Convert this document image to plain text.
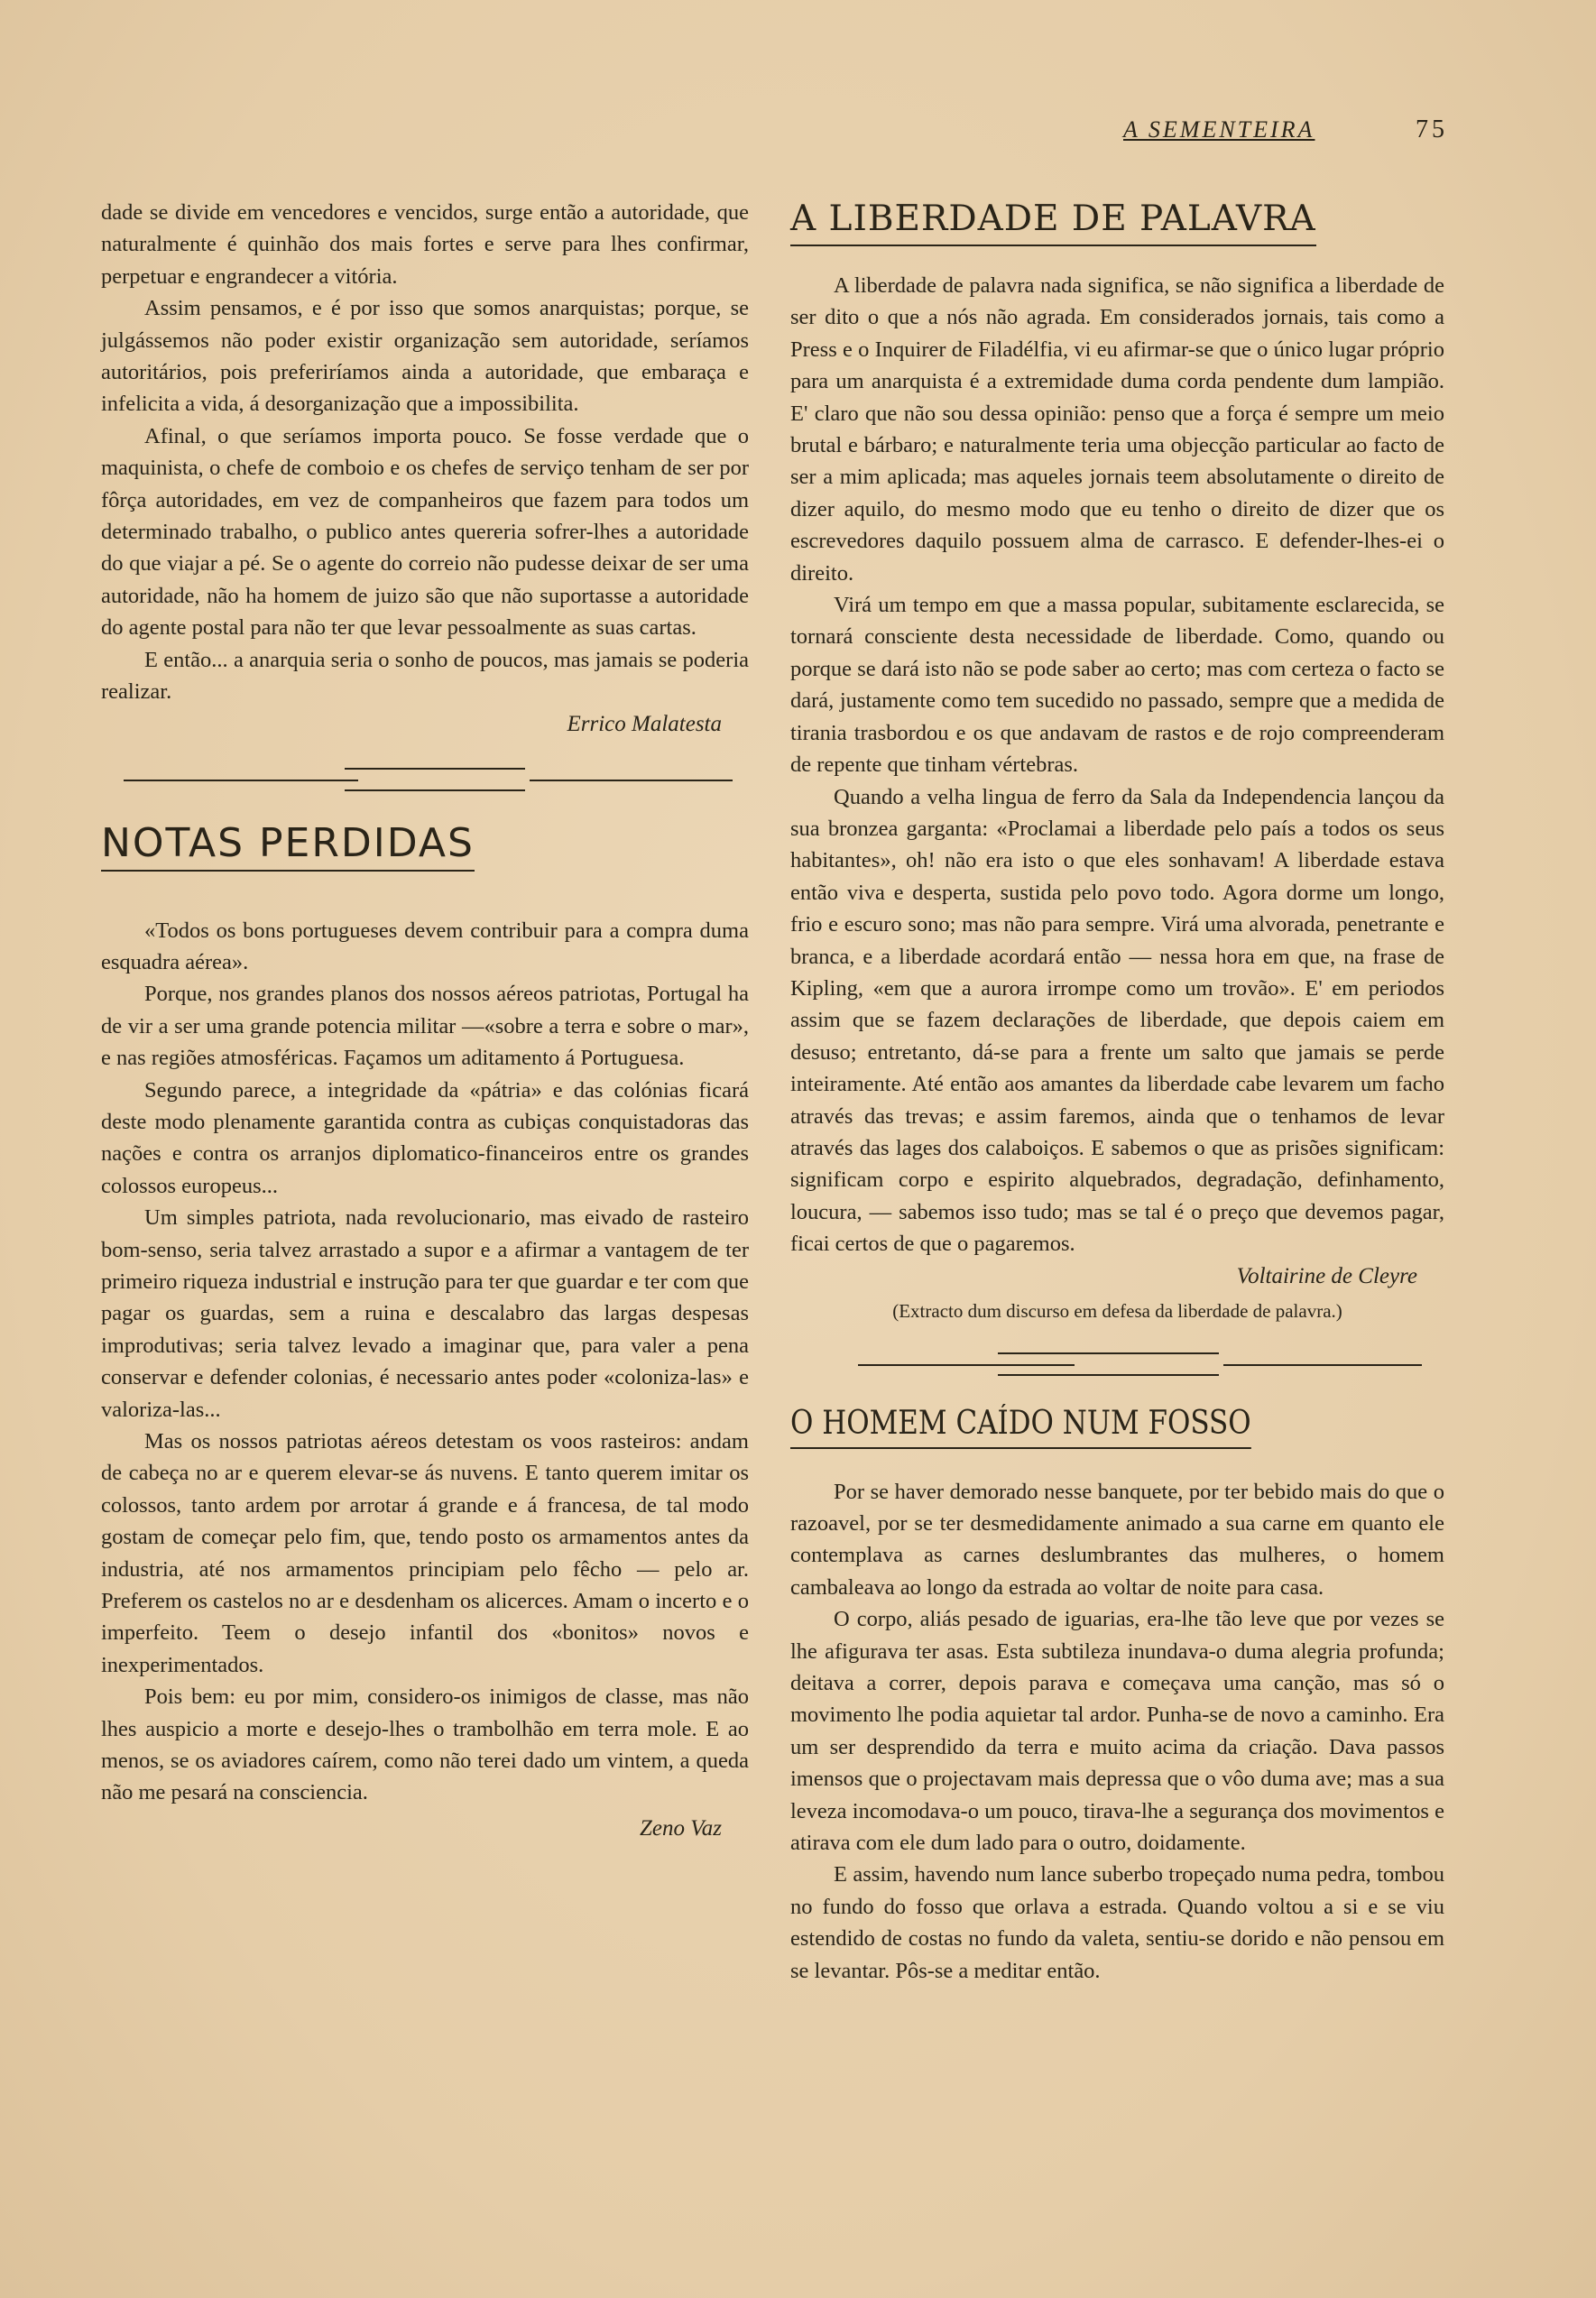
A SEMENTEIRA	75

dade se divide em vencedores e vencidos, surge então a autoridade, que naturalmente é quinhão dos mais fortes e serve para lhes confirmar, perpetuar e engrandecer a vitória.

Assim pensamos, e é por isso que somos anarquistas; porque, se julgássemos não poder existir organização sem autoridade, seríamos autoritários, pois preferiríamos ainda a autoridade, que embaraça e infelicita a vida, á desorganização que a impossibilita.

Afinal, o que seríamos importa pouco. Se fosse verdade que o maquinista, o chefe de comboio e os chefes de serviço tenham de ser por fôrça autoridades, em vez de companheiros que fazem para todos um determinado trabalho, o publico antes quereria sofrer-lhes a autoridade do que viajar a pé. Se o agente do correio não pudesse deixar de ser uma autoridade, não ha homem de juizo são que não suportasse a autoridade do agente postal para não ter que levar pessoalmente as suas cartas.

E então... a anarquia seria o sonho de poucos, mas jamais se poderia realizar.

Errico Malatesta
NOTAS PERDIDAS

«Todos os bons portugueses devem contribuir para a compra duma esquadra aérea».

Porque, nos grandes planos dos nossos aéreos patriotas, Portugal ha de vir a ser uma grande potencia militar —«sobre a terra e sobre o mar», e nas regiões atmosféricas. Façamos um aditamento á Portuguesa.

Segundo parece, a integridade da «pátria» e das colónias ficará deste modo plenamente garantida contra as cubiças conquistadoras das nações e contra os arranjos diplomatico-financeiros entre os grandes colossos europeus...

Um simples patriota, nada revolucionario, mas eivado de rasteiro bom-senso, seria talvez arrastado a supor e a afirmar a vantagem de ter primeiro riqueza industrial e instrução para ter que guardar e ter com que pagar os guardas, sem a ruina e descalabro das largas despesas improdutivas; seria talvez levado a imaginar que, para valer a pena conservar e defender colonias, é necessario antes poder «coloniza-las» e valoriza-las...

Mas os nossos patriotas aéreos detestam os voos rasteiros: andam de cabeça no ar e querem elevar-se ás nuvens. E tanto querem imitar os colossos, tanto ardem por arrotar á grande e á francesa, de tal modo gostam de começar pelo fim, que, tendo posto os armamentos antes da industria, até nos armamentos principiam pelo fêcho — pelo ar. Preferem os castelos no ar e desdenham os alicerces. Amam o incerto e o imperfeito. Teem o desejo infantil dos «bonitos» novos e inexperimentados.

Pois bem: eu por mim, considero-os inimigos de classe, mas não lhes auspicio a morte e desejo-lhes o trambolhão em terra mole. E ao menos, se os aviadores caírem, como não terei dado um vintem, a queda não me pesará na consciencia.

Zeno Vaz
A LIBERDADE DE PALAVRA

A liberdade de palavra nada significa, se não significa a liberdade de ser dito o que a nós não agrada. Em considerados jornais, tais como a Press e o Inquirer de Filadélfia, vi eu afirmar-se que o único lugar próprio para um anarquista é a extremidade duma corda pendente dum lampião. E' claro que não sou dessa opinião: penso que a força é sempre um meio brutal e bárbaro; e naturalmente teria uma objecção particular ao facto de ser a mim aplicada; mas aqueles jornais teem absolutamente o direito de dizer aquilo, do mesmo modo que eu tenho o direito de dizer que os escrevedores daquilo possuem alma de carrasco. E defender-lhes-ei o direito.

Virá um tempo em que a massa popular, subitamente esclarecida, se tornará consciente desta necessidade de liberdade. Como, quando ou porque se dará isto não se pode saber ao certo; mas com certeza o facto se dará, justamente como tem sucedido no passado, sempre que a medida de tirania trasbordou e os que andavam de rastos e de rojo compreenderam de repente que tinham vértebras.

Quando a velha lingua de ferro da Sala da Independencia lançou da sua bronzea garganta: «Proclamai a liberdade pelo país a todos os seus habitantes», oh! não era isto o que eles sonhavam! A liberdade estava então viva e desperta, sustida pelo povo todo. Agora dorme um longo, frio e escuro sono; mas não para sempre. Virá uma alvorada, penetrante e branca, e a liberdade acordará então — nessa hora em que, na frase de Kipling, «em que a aurora irrompe como um trovão». E' em periodos assim que se fazem declarações de liberdade, que depois caiem em desuso; entretanto, dá-se para a frente um salto que jamais se perde inteiramente. Até então aos amantes da liberdade cabe levarem um facho através das trevas; e assim faremos, ainda que o tenhamos de levar através das lages dos calaboiços. E sabemos o que as prisões significam: significam corpo e espirito alquebrados, degradação, definhamento, loucura, — sabemos isso tudo; mas se tal é o preço que devemos pagar, ficai certos de que o pagaremos.

Voltairine de Cleyre
(Extracto dum discurso em defesa da liberdade de palavra.)
O HOMEM CAÍDO NUM FOSSO

Por se haver demorado nesse banquete, por ter bebido mais do que o razoavel, por se ter desmedidamente animado a sua carne em quanto ele contemplava as carnes deslumbrantes das mulheres, o homem cambaleava ao longo da estrada ao voltar de noite para casa.

O corpo, aliás pesado de iguarias, era-lhe tão leve que por vezes se lhe afigurava ter asas. Esta subtileza inundava-o duma alegria profunda; deitava a correr, depois parava e começava uma canção, mas só o movimento lhe podia aquietar tal ardor. Punha-se de novo a caminho. Era um ser desprendido da terra e muito acima da criação. Dava passos imensos que o projectavam mais depressa que o vôo duma ave; mas a sua leveza incomodava-o um pouco, tirava-lhe a segurança dos movimentos e atirava com ele dum lado para o outro, doidamente.

E assim, havendo num lance suberbo tropeçado numa pedra, tombou no fundo do fosso que orlava a estrada. Quando voltou a si e se viu estendido de costas no fundo da valeta, sentiu-se dorido e não pensou em se levantar. Pôs-se a meditar então.
